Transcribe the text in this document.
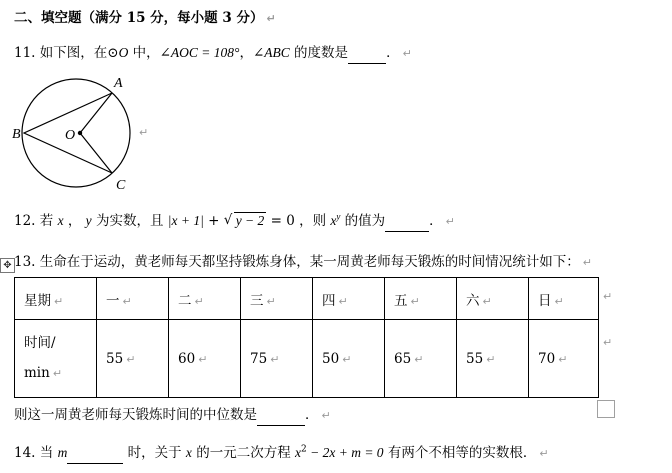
二、填空题（满分 15 分，每小题 3 分） ↵
11. 如下图，在⊙O 中，∠AOC = 108°，∠ABC 的度数是	． ↵
A
B
C
O	↵
12. 若 x ， y 为实数，且 |x + 1| + √ y − 2 = 0 ，则 $x^y$ 的值为	． ↵
✥ 13. 生命在于运动，黄老师每天都坚持锻炼身体，某一周黄老师每天锻炼的时间情况统计如下： ↵
星期 ↵	一 ↵	二 ↵	三 ↵	四 ↵	五 ↵	六 ↵	日 ↵

时间/
min ↵	55 ↵	60 ↵	75 ↵	50 ↵	65 ↵	55 ↵	70 ↵
↵
↵
则这一周黄老师每天锻炼时间的中位数是	． ↵
14. 当 m	时，关于 x 的一元二次方程 $x^2 - 2x + m = 0$ 有两个不相等的实数根． ↵
